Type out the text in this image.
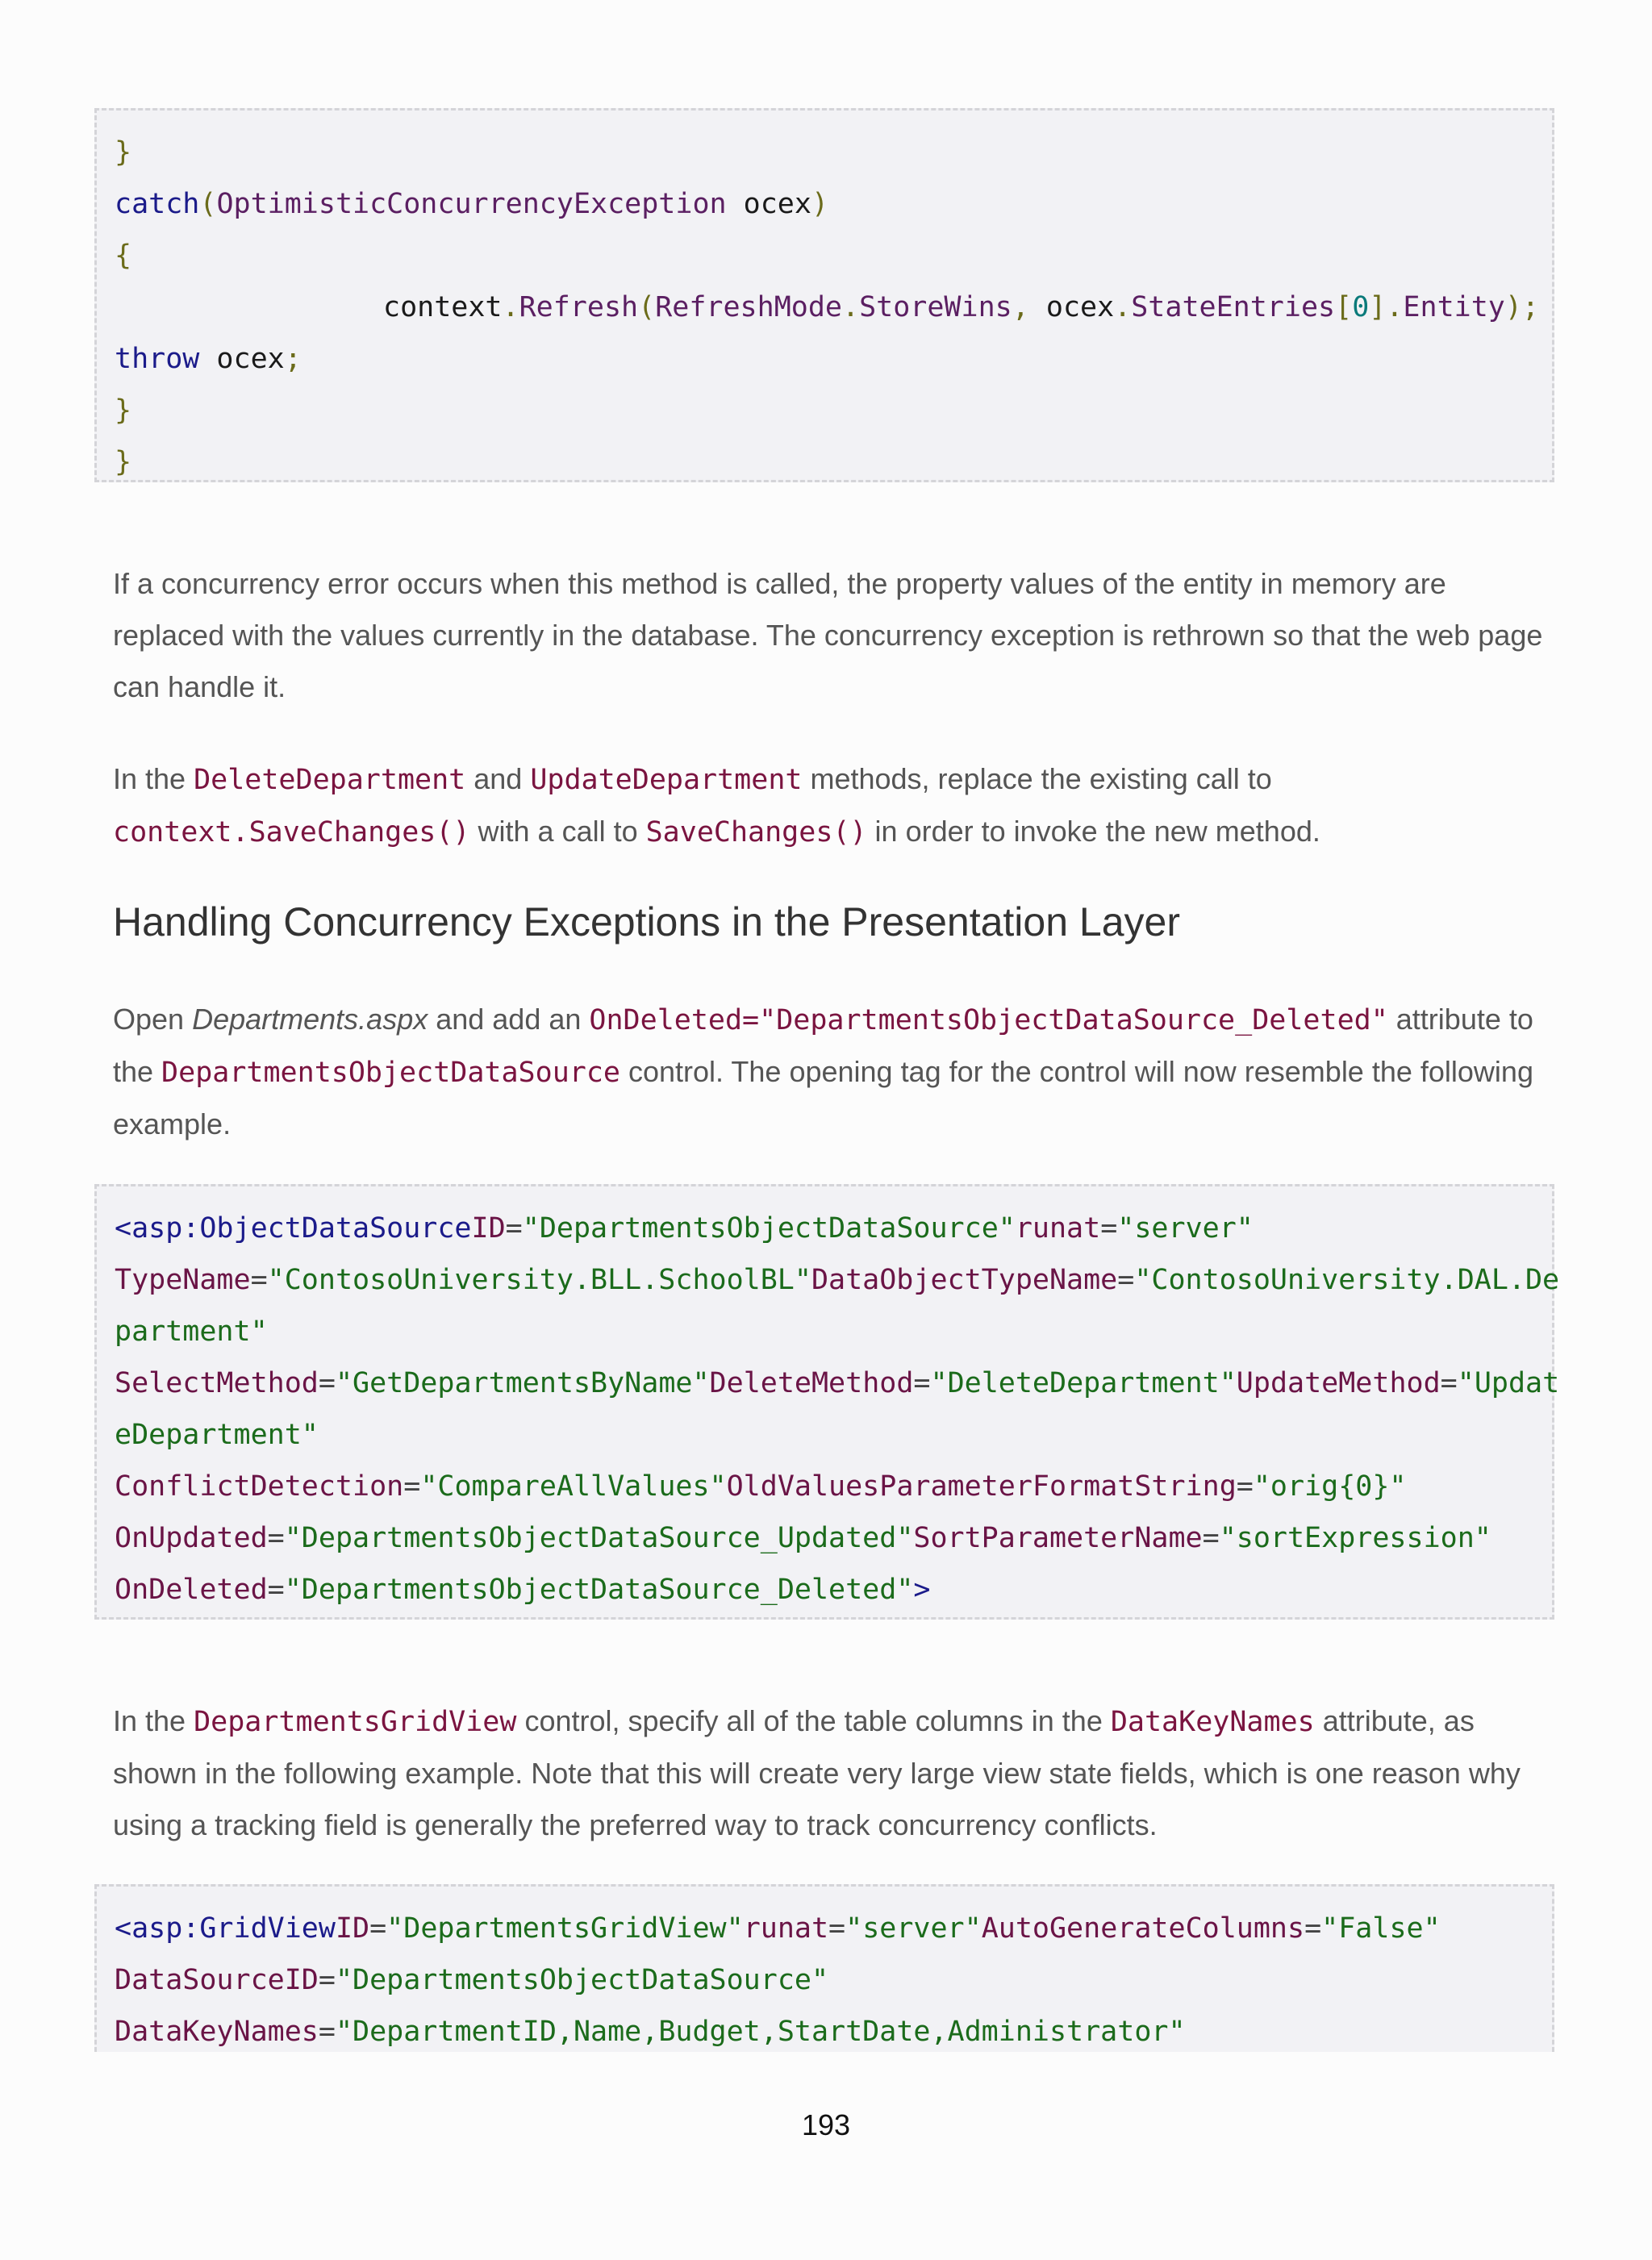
}
catch(OptimisticConcurrencyException ocex)
{
context.Refresh(RefreshMode.StoreWins, ocex.StateEntries[0].Entity);
throw ocex;
}
}
If a concurrency error occurs when this method is called, the property values of the entity in memory are replaced with the values currently in the database. The concurrency exception is rethrown so that the web page can handle it.
In the DeleteDepartment and UpdateDepartment methods, replace the existing call to
context.SaveChanges() with a call to SaveChanges() in order to invoke the new method.
Handling Concurrency Exceptions in the Presentation Layer
Open Departments.aspx and add an OnDeleted="DepartmentsObjectDataSource_Deleted" attribute to the DepartmentsObjectDataSource control. The opening tag for the control will now resemble the following example.
<asp:ObjectDataSourceID="DepartmentsObjectDataSource"runat="server"
TypeName="ContosoUniversity.BLL.SchoolBL"DataObjectTypeName="ContosoUniversity.DAL.De
partment"
SelectMethod="GetDepartmentsByName"DeleteMethod="DeleteDepartment"UpdateMethod="Updat
eDepartment"
ConflictDetection="CompareAllValues"OldValuesParameterFormatString="orig{0}"
OnUpdated="DepartmentsObjectDataSource_Updated"SortParameterName="sortExpression"
OnDeleted="DepartmentsObjectDataSource_Deleted">
In the DepartmentsGridView control, specify all of the table columns in the DataKeyNames attribute, as shown in the following example. Note that this will create very large view state fields, which is one reason why using a tracking field is generally the preferred way to track concurrency conflicts.
<asp:GridViewID="DepartmentsGridView"runat="server"AutoGenerateColumns="False"
DataSourceID="DepartmentsObjectDataSource"
DataKeyNames="DepartmentID,Name,Budget,StartDate,Administrator"
193
